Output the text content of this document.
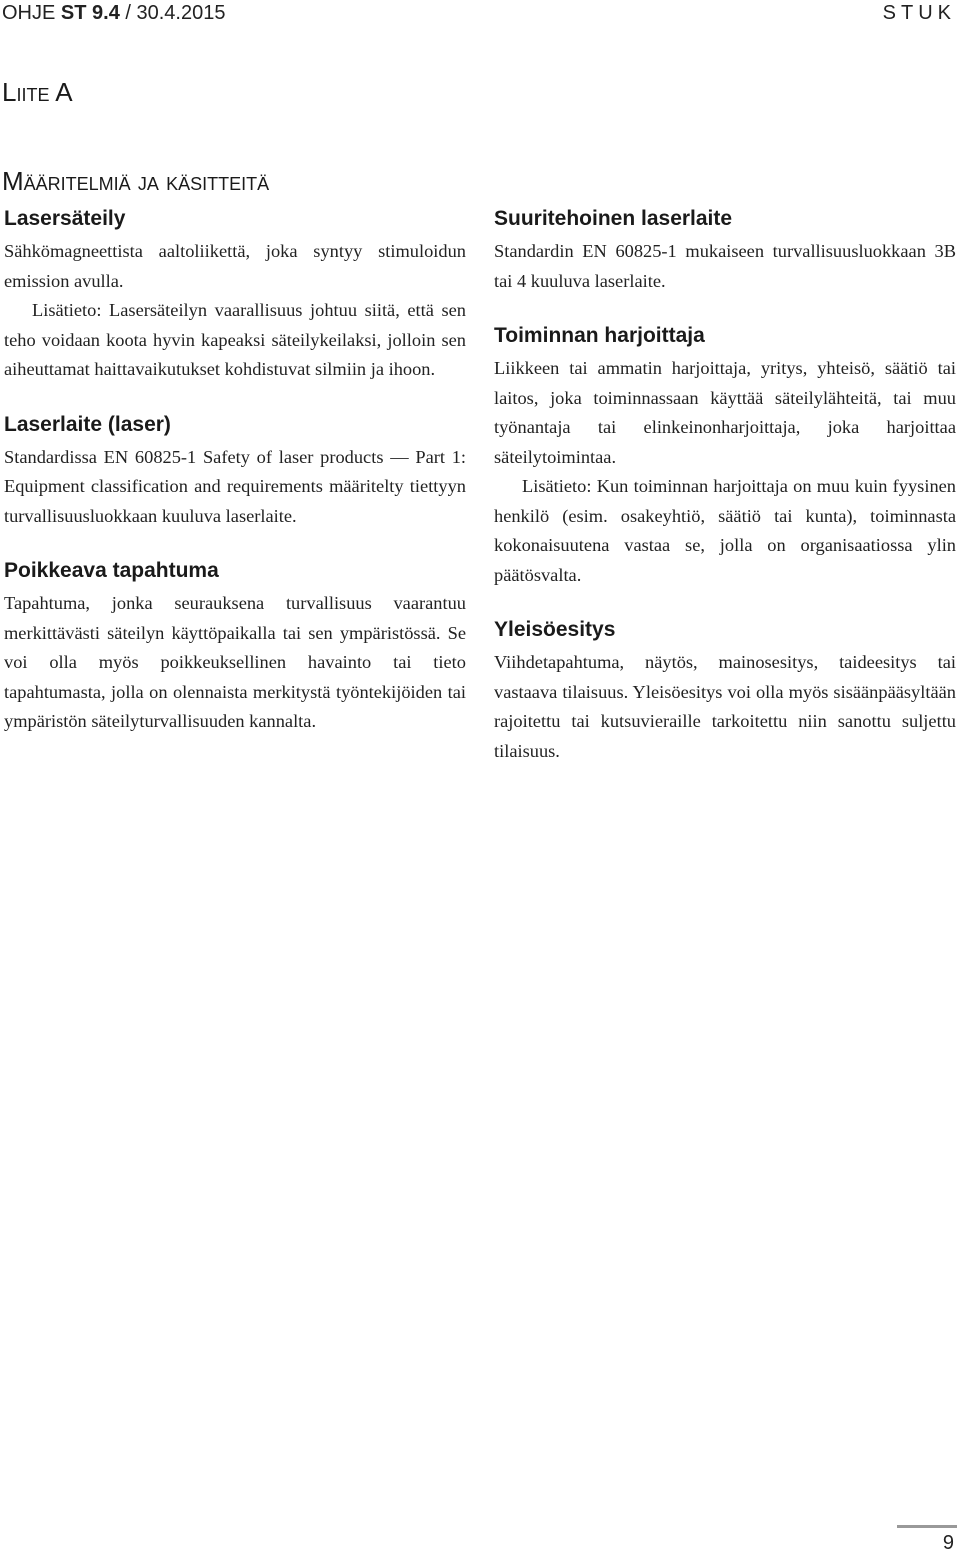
OHJE ST 9.4 / 30.4.2015	STUK
Liite A
Määritelmiä ja käsitteitä
Lasersäteily

Sähkömagneettista aaltoliikettä, joka syntyy stimuloidun emission avulla.

Lisätieto: Lasersäteilyn vaarallisuus johtuu siitä, että sen teho voidaan koota hyvin kapeaksi säteilykeilaksi, jolloin sen aiheuttamat haittavaikutukset kohdistuvat silmiin ja ihoon.

Laserlaite (laser)

Standardissa EN 60825-1 Safety of laser products — Part 1: Equipment classification and requirements määritelty tiettyyn turvallisuusluokkaan kuuluva laserlaite.

Poikkeava tapahtuma

Tapahtuma, jonka seurauksena turvallisuus vaarantuu merkittävästi säteilyn käyttöpaikalla tai sen ympäristössä. Se voi olla myös poikkeuksellinen havainto tai tieto tapahtumasta, jolla on olennaista merkitystä työntekijöiden tai ympäristön säteilyturvallisuuden kannalta.

Suuritehoinen laserlaite

Standardin EN 60825-1 mukaiseen turvallisuusluokkaan 3B tai 4 kuuluva laserlaite.

Toiminnan harjoittaja

Liikkeen tai ammatin harjoittaja, yritys, yhteisö, säätiö tai laitos, joka toiminnassaan käyttää säteilylähteitä, tai muu työnantaja tai elinkeinonharjoittaja, joka harjoittaa säteilytoimintaa.

Lisätieto: Kun toiminnan harjoittaja on muu kuin fyysinen henkilö (esim. osakeyhtiö, säätiö tai kunta), toiminnasta kokonaisuutena vastaa se, jolla on organisaatiossa ylin päätösvalta.

Yleisöesitys

Viihdetapahtuma, näytös, mainosesitys, taideesitys tai vastaava tilaisuus. Yleisöesitys voi olla myös sisäänpääsyltään rajoitettu tai kutsuvieraille tarkoitettu niin sanottu suljettu tilaisuus.

9
